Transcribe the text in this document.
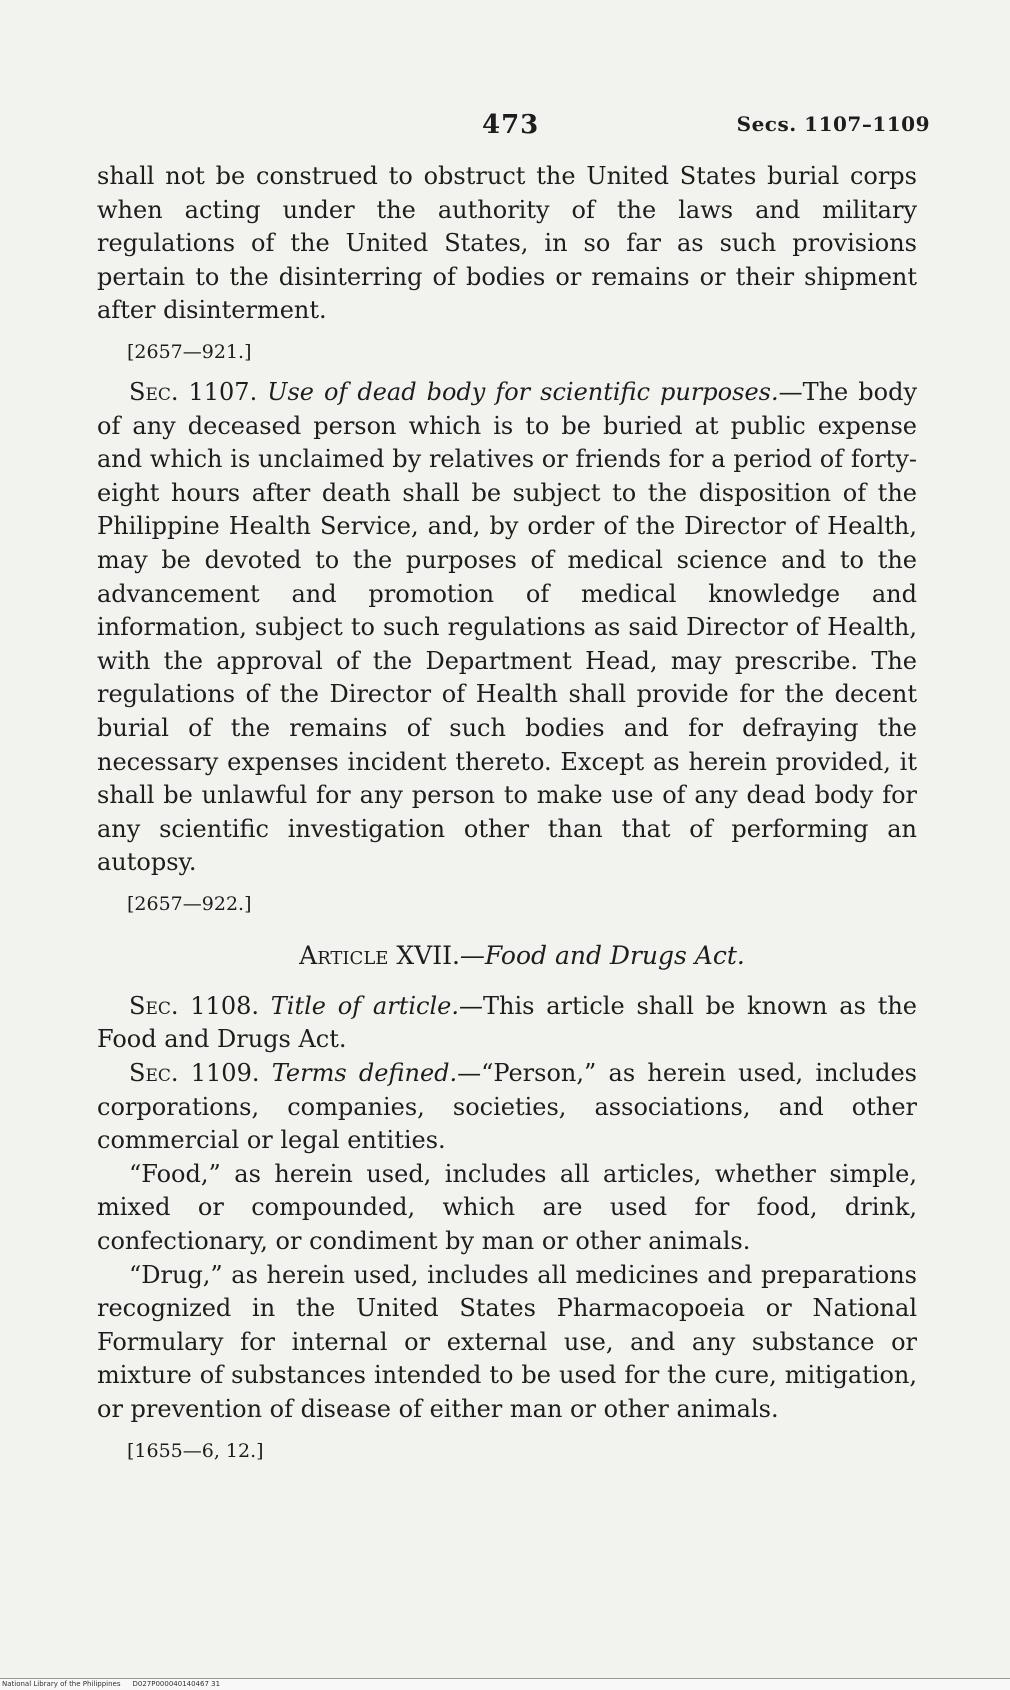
473	Secs. 1107–1109

shall not be construed to obstruct the United States burial corps when acting under the authority of the laws and military regulations of the United States, in so far as such provisions pertain to the disinterring of bodies or remains or their shipment after disinterment.

[2657—921.]

Sec. 1107. Use of dead body for scientific purposes.—The body of any deceased person which is to be buried at public expense and which is unclaimed by relatives or friends for a period of forty-eight hours after death shall be subject to the disposition of the Philippine Health Service, and, by order of the Director of Health, may be devoted to the purposes of medical science and to the advancement and promotion of medical knowledge and information, subject to such regulations as said Director of Health, with the approval of the Department Head, may prescribe. The regulations of the Director of Health shall provide for the decent burial of the remains of such bodies and for defraying the necessary expenses incident thereto. Except as herein provided, it shall be unlawful for any person to make use of any dead body for any scientific investigation other than that of performing an autopsy.

[2657—922.]
Article XVII.—Food and Drugs Act.

Sec. 1108. Title of article.—This article shall be known as the Food and Drugs Act.

Sec. 1109. Terms defined.—“Person,” as herein used, includes corporations, companies, societies, associations, and other commercial or legal entities.

“Food,” as herein used, includes all articles, whether simple, mixed or compounded, which are used for food, drink, confectionary, or condiment by man or other animals.

“Drug,” as herein used, includes all medicines and preparations recognized in the United States Pharmacopoeia or National Formulary for internal or external use, and any substance or mixture of substances intended to be used for the cure, mitigation, or prevention of disease of either man or other animals.

[1655—6, 12.]
National Library of the Philippines D027P000040140467 31
